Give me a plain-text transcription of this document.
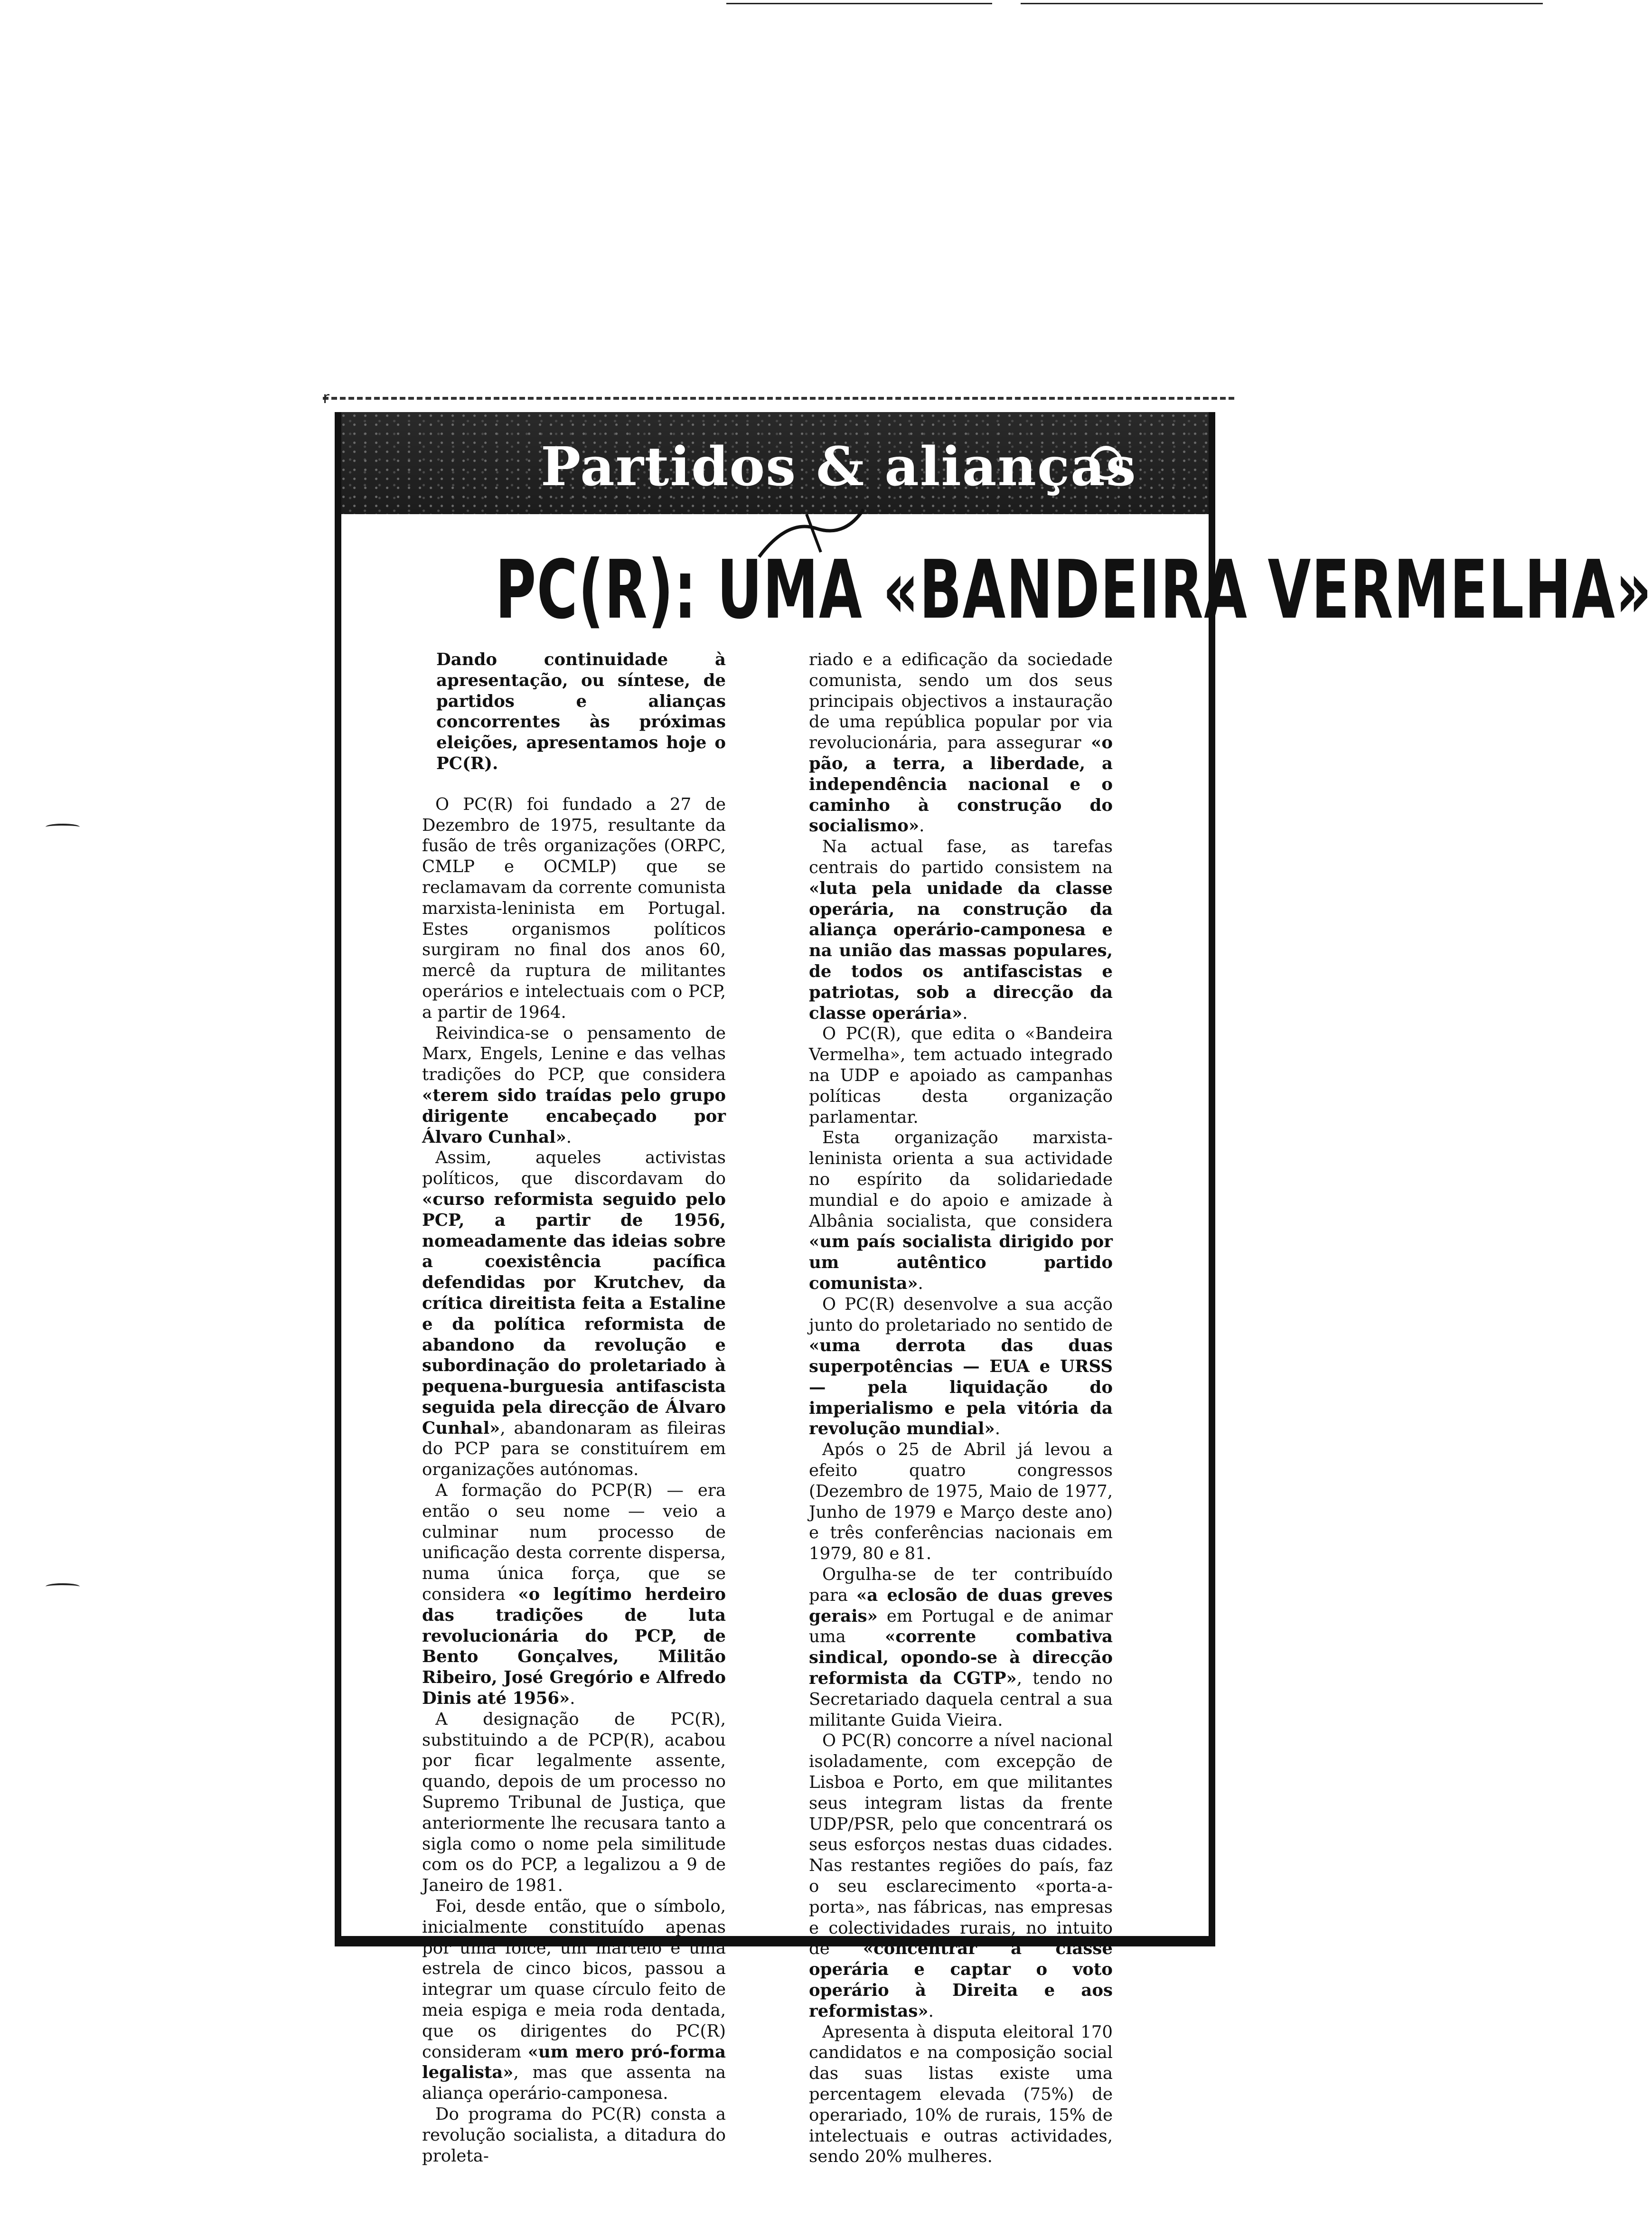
r
Partidos & alianças
PC(R): UMA «BANDEIRA VERMELHA»

Dando continuidade à apresentação, ou síntese, de partidos e alianças concorrentes às próximas eleições, apresentamos hoje o PC(R).

O PC(R) foi fundado a 27 de Dezembro de 1975, resultante da fusão de três organizações (ORPC, CMLP e OCMLP) que se reclamavam da corrente comunista marxista-leninista em Portugal. Estes organismos políticos surgiram no final dos anos 60, mercê da ruptura de militantes operários e intelectuais com o PCP, a partir de 1964.

Reivindica-se o pensamento de Marx, Engels, Lenine e das velhas tradições do PCP, que considera «terem sido traídas pelo grupo dirigente encabeçado por Álvaro Cunhal».

Assim, aqueles activistas políticos, que discordavam do «curso reformista seguido pelo PCP, a partir de 1956, nomeadamente das ideias sobre a coexistência pacífica defendidas por Krutchev, da crítica direitista feita a Estaline e da política reformista de abandono da revolução e subordinação do proletariado à pequena-burguesia antifascista seguida pela direcção de Álvaro Cunhal», abandonaram as fileiras do PCP para se constituírem em organizações autónomas.

A formação do PCP(R) — era então o seu nome — veio a culminar num processo de unificação desta corrente dispersa, numa única força, que se considera «o legítimo herdeiro das tradições de luta revolucionária do PCP, de Bento Gonçalves, Militão Ribeiro, José Gregório e Alfredo Dinis até 1956».

A designação de PC(R), substituindo a de PCP(R), acabou por ficar legalmente assente, quando, depois de um processo no Supremo Tribunal de Justiça, que anteriormente lhe recusara tanto a sigla como o nome pela similitude com os do PCP, a legalizou a 9 de Janeiro de 1981.

Foi, desde então, que o símbolo, inicialmente constituído apenas por uma foice, um martelo e uma estrela de cinco bicos, passou a integrar um quase círculo feito de meia espiga e meia roda dentada, que os dirigentes do PC(R) consideram «um mero pró-forma legalista», mas que assenta na aliança operário-camponesa.

Do programa do PC(R) consta a revolução socialista, a ditadura do proleta-

riado e a edificação da sociedade comunista, sendo um dos seus principais objectivos a instauração de uma república popular por via revolucionária, para assegurar «o pão, a terra, a liberdade, a independência nacional e o caminho à construção do socialismo».

Na actual fase, as tarefas centrais do partido consistem na «luta pela unidade da classe operária, na construção da aliança operário-camponesa e na união das massas populares, de todos os antifascistas e patriotas, sob a direcção da classe operária».

O PC(R), que edita o «Bandeira Vermelha», tem actuado integrado na UDP e apoiado as campanhas políticas desta organização parlamentar.

Esta organização marxista-leninista orienta a sua actividade no espírito da solidariedade mundial e do apoio e amizade à Albânia socialista, que considera «um país socialista dirigido por um autêntico partido comunista».

O PC(R) desenvolve a sua acção junto do proletariado no sentido de «uma derrota das duas superpotências — EUA e URSS — pela liquidação do imperialismo e pela vitória da revolução mundial».

Após o 25 de Abril já levou a efeito quatro congressos (Dezembro de 1975, Maio de 1977, Junho de 1979 e Março deste ano) e três conferências nacionais em 1979, 80 e 81.

Orgulha-se de ter contribuído para «a eclosão de duas greves gerais» em Portugal e de animar uma «corrente combativa sindical, opondo-se à direcção reformista da CGTP», tendo no Secretariado daquela central a sua militante Guida Vieira.

O PC(R) concorre a nível nacional isoladamente, com excepção de Lisboa e Porto, em que militantes seus integram listas da frente UDP/PSR, pelo que concentrará os seus esforços nestas duas cidades. Nas restantes regiões do país, faz o seu esclarecimento «porta-a-porta», nas fábricas, nas empresas e colectividades rurais, no intuito de «concentrar a classe operária e captar o voto operário à Direita e aos reformistas».

Apresenta à disputa eleitoral 170 candidatos e na composição social das suas listas existe uma percentagem elevada (75%) de operariado, 10% de rurais, 15% de intelectuais e outras actividades, sendo 20% mulheres.
